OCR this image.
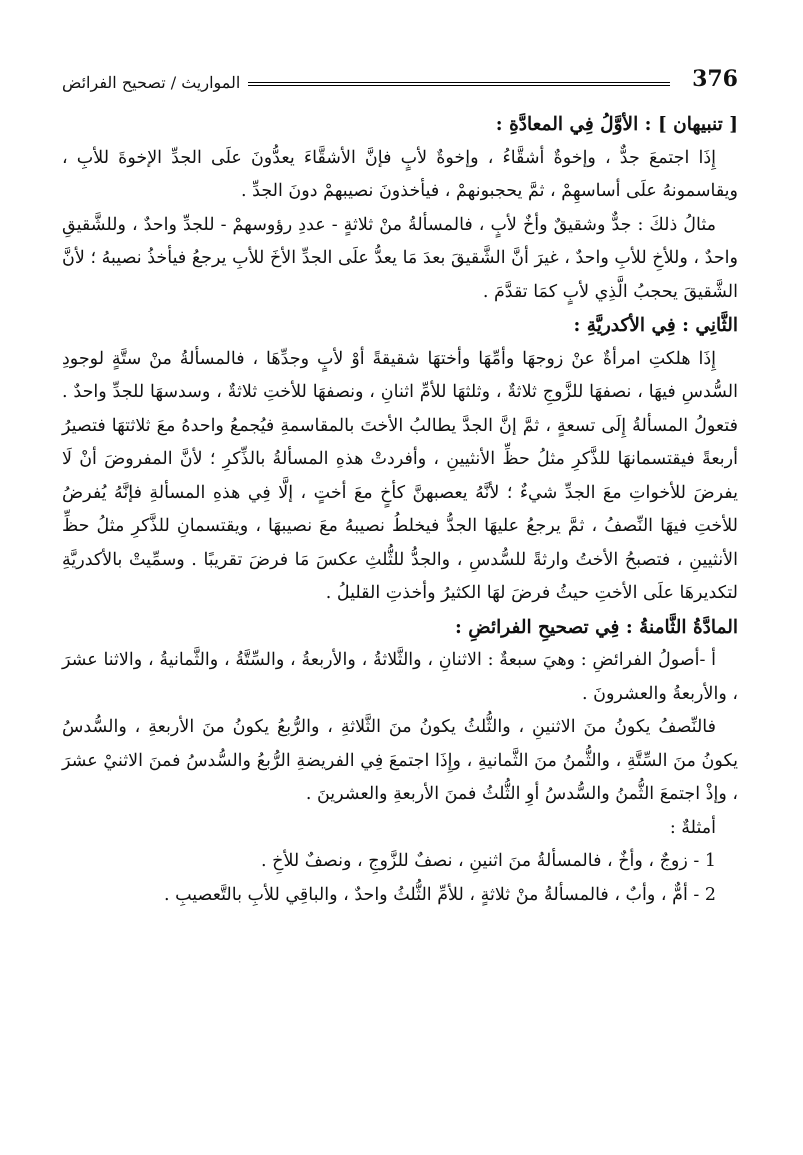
المواريث / تصحيح الفرائض	376

[ تنبيهان ] : الأوَّلُ فِي المعادَّةِ :

إِذَا اجتمعَ جدٌّ ، وإخوةٌ أشقَّاءُ ، وإخوةٌ لأبٍ فإنَّ الأشقَّاءَ يعدُّونَ علَى الجدِّ الإخوةَ للأبِ ، ويقاسمونهُ علَى أساسهِمْ ، ثمَّ يحجبونهمْ ، فيأخذونَ نصيبهمْ دونَ الجدِّ .

مثالُ ذلكَ : جدٌّ وشقيقٌ وأخٌ لأبٍ ، فالمسألةُ منْ ثلاثةٍ - عددِ رؤوسهمْ - للجدِّ واحدٌ ، وللشَّقيقِ واحدٌ ، وللأخِ للأبِ واحدٌ ، غيرَ أنَّ الشَّقيقَ بعدَ مَا يعدُّ علَى الجدِّ الأخَ للأبِ يرجعُ فيأخذُ نصيبهُ ؛ لأنَّ الشَّقيقَ يحجبُ الَّذِي لأبٍ كمَا تقدَّمَ .

الثَّانِي : فِي الأكدريَّةِ :

إِذَا هلكتِ امرأةٌ عنْ زوجهَا وأمِّهَا وأختهَا شقيقةً أوْ لأبٍ وجدِّهَا ، فالمسألةُ منْ ستَّةٍ لوجودِ السُّدسِ فيهَا ، نصفهَا للزَّوجِ ثلاثةٌ ، وثلثهَا للأمِّ اثنانِ ، ونصفهَا للأختِ ثلاثةٌ ، وسدسهَا للجدِّ واحدٌ . فتعولُ المسألةُ إِلَى تسعةٍ ، ثمَّ إنَّ الجدَّ يطالبُ الأختَ بالمقاسمةِ فيُجمعُ واحدهُ معَ ثلاثتهَا فتصيرُ أربعةً فيقتسمانهَا للذَّكرِ مثلُ حظِّ الأنثيينِ ، وأفردتْ هذهِ المسألةُ بالذِّكرِ ؛ لأنَّ المفروضَ أنْ لَا يفرضَ للأخواتِ معَ الجدِّ شيءٌ ؛ لأنَّهُ يعصبهنَّ كأخٍ معَ أختٍ ، إلَّا فِي هذهِ المسألةِ فإنَّهُ يُفرضُ للأختِ فيهَا النِّصفُ ، ثمَّ يرجعُ عليهَا الجدُّ فيخلطُ نصيبهُ معَ نصيبهَا ، ويقتسمانِ للذَّكرِ مثلُ حظِّ الأنثيينِ ، فتصبحُ الأختُ وارثةً للسُّدسِ ، والجدُّ للثُّلثِ عكسَ مَا فرضَ تقريبًا . وسمِّيتْ بالأكدريَّةِ لتكديرهَا علَى الأختِ حيثُ فرضَ لهَا الكثيرُ وأخذتِ القليلُ .

المادَّةُ الثَّامنةُ : فِي تصحيحِ الفرائضِ :

أ -أصولُ الفرائضِ : وهيَ سبعةٌ : الاثنانِ ، والثَّلاثةُ ، والأربعةُ ، والسِّتَّةُ ، والثَّمانيةُ ، والاثنا عشرَ ، والأربعةُ والعشرونَ .

فالنِّصفُ يكونُ منَ الاثنينِ ، والثُّلثُ يكونُ منَ الثَّلاثةِ ، والرُّبعُ يكونُ منَ الأربعةِ ، والسُّدسُ يكونُ منَ السِّتَّةِ ، والثُّمنُ منَ الثَّمانيةِ ، وإِذَا اجتمعَ فِي الفريضةِ الرُّبعُ والسُّدسُ فمنَ الاثنيْ عشرَ ، وإذْ اجتمعَ الثُّمنُ والسُّدسُ أوِ الثُّلثُ فمنَ الأربعةِ والعشرينَ .

أمثلةٌ :

1 - زوجٌ ، وأخٌ ، فالمسألةُ منَ اثنينِ ، نصفٌ للزَّوجِ ، ونصفٌ للأخِ .

2 - أمٌّ ، وأبٌ ، فالمسألةُ منْ ثلاثةٍ ، للأمِّ الثُّلثُ واحدٌ ، والباقِي للأبِ بالتَّعصيبِ .
